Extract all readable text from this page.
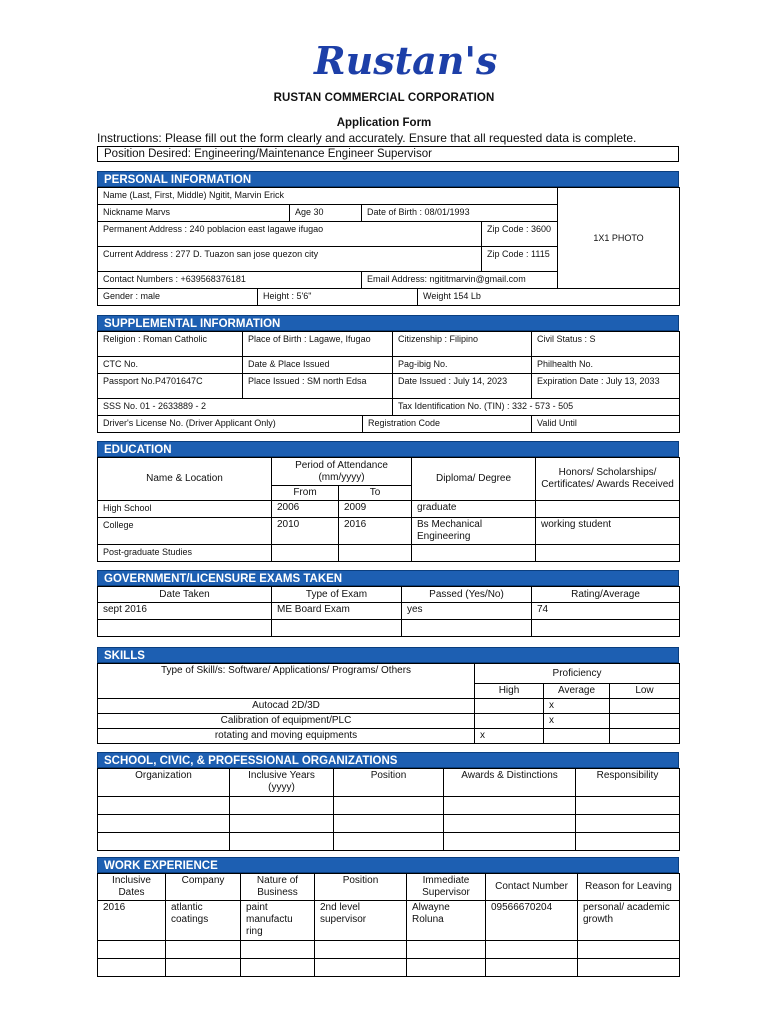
Rustan's
RUSTAN COMMERCIAL CORPORATION
Application Form
Instructions: Please fill out the form clearly and accurately. Ensure that all requested data is complete.
Position Desired: Engineering/Maintenance Engineer Supervisor
PERSONAL INFORMATION
Name (Last, First, Middle) Ngitit, Marvin Erick				1X1 PHOTO
Nickname Marvs	Age 30	Date of Birth : 08/01/1993		
Permanent Address : 240 poblacion east lagawe ifugao			Zip Code : 3600	
Current Address : 277 D. Tuazon san jose quezon city			Zip Code : 1115	
Contact Numbers : +639568376181		Email Address: ngititmarvin@gmail.com		
Gender : male	Height : 5'6"	Weight 154 Lb
SUPPLEMENTAL INFORMATION
Religion : Roman Catholic	Place of Birth : Lagawe, Ifugao	Citizenship : Filipino	Civil Status : S
CTC No.	Date & Place Issued	Pag-ibig No.	Philhealth No.
Passport No.P4701647C	Place Issued : SM north Edsa	Date Issued : July 14, 2023	Expiration Date : July 13, 2033
SSS No. 01 - 2633889 - 2	Tax Identification No. (TIN) : 332 - 573 - 505
Driver's License No. (Driver Applicant Only)	Registration Code	Valid Until
EDUCATION
Name & Location	Period of Attendance (mm/yyyy)		Diploma/ Degree	Honors/ Scholarships/ Certificates/ Awards Received
	From	To		
High School	2006	2009	graduate	
College	2010	2016	Bs Mechanical Engineering	working student
Post-graduate Studies				
GOVERNMENT/LICENSURE EXAMS TAKEN
Date Taken	Type of Exam	Passed (Yes/No)	Rating/Average
sept 2016	ME Board Exam	yes	74

SKILLS
Type of Skill/s: Software/ Applications/ Programs/ Others	Proficiency		
	High	Average	Low
Autocad 2D/3D		x	
Calibration of equipment/PLC		x	
rotating and moving equipments	x		
SCHOOL, CIVIC, & PROFESSIONAL ORGANIZATIONS
Organization	Inclusive Years (yyyy)	Position	Awards & Distinctions	Responsibility

WORK EXPERIENCE
Inclusive Dates	Company	Nature of Business	Position	Immediate Supervisor	Contact Number	Reason for Leaving
2016	atlantic coatings	paint manufactu ring	2nd level supervisor	Alwayne Roluna	09566670204	personal/ academic growth
